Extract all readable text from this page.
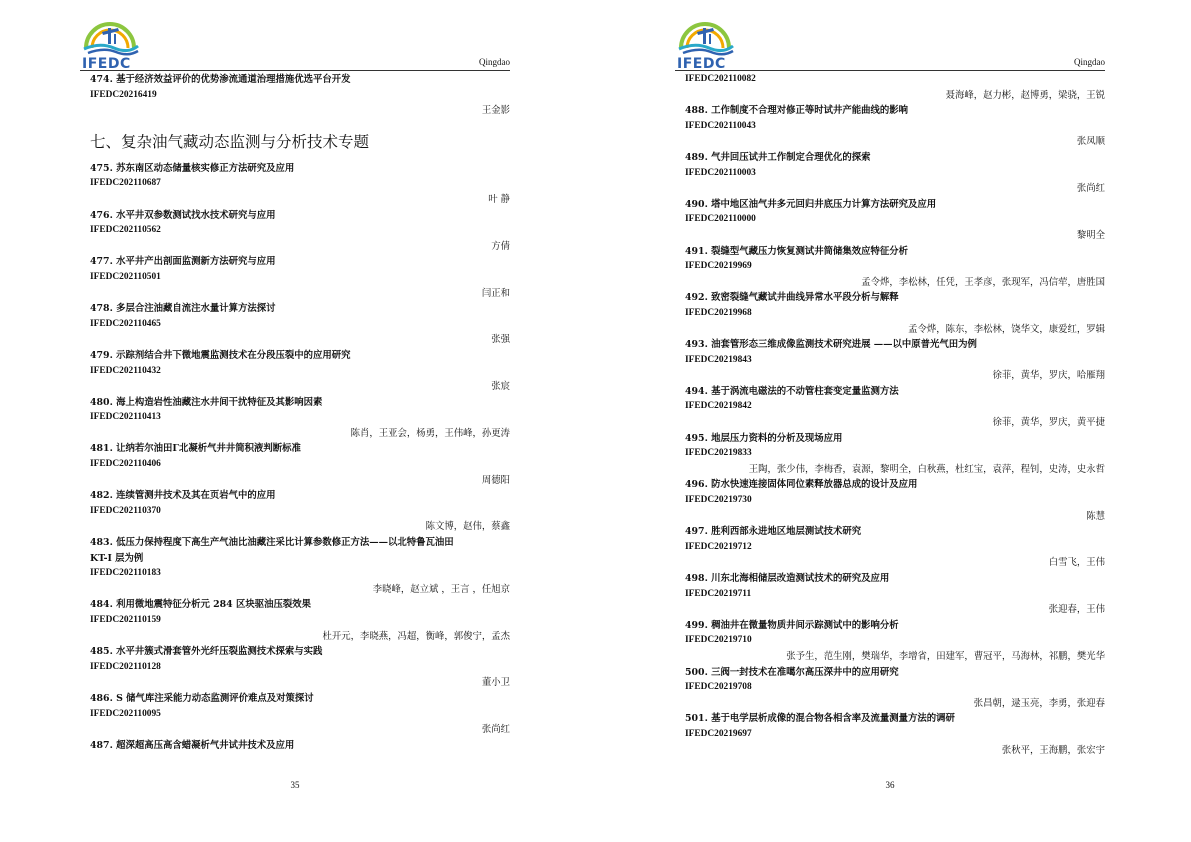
IFEDC	Qingdao
474. 基于经济效益评价的优势渗流通道治理措施优选平台开发
IFEDC20216419
王金影
七、复杂油气藏动态监测与分析技术专题
475. 苏东南区动态储量核实修正方法研究及应用
IFEDC202110687
叶 静
476. 水平井双参数测试找水技术研究与应用
IFEDC202110562
方倩
477. 水平井产出剖面监测新方法研究与应用
IFEDC202110501
闫正和
478. 多层合注油藏自流注水量计算方法探讨
IFEDC202110465
张强
479. 示踪剂结合井下微地震监测技术在分段压裂中的应用研究
IFEDC202110432
张宸
480. 海上构造岩性油藏注水井间干扰特征及其影响因素
IFEDC202110413
陈肖，王亚会，杨勇，王伟峰，孙更涛
481. 让纳若尔油田Γ北凝析气井井筒积液判断标准
IFEDC202110406
周德阳
482. 连续管测井技术及其在页岩气中的应用
IFEDC202110370
陈文博，赵伟，蔡鑫
483. 低压力保持程度下高生产气油比油藏注采比计算参数修正方法——以北特鲁瓦油田
KT-I 层为例
IFEDC202110183
李晓峰，赵立斌 ，王言 ，任旭京
484. 利用微地震特征分析元 284 区块驱油压裂效果
IFEDC202110159
杜开元，李晓燕，冯超，衡峰，郭俊宁，孟杰
485. 水平井簇式滑套管外光纤压裂监测技术探索与实践
IFEDC202110128
董小卫
486. S 储气库注采能力动态监测评价难点及对策探讨
IFEDC202110095
张尚红
487. 超深超高压高含蜡凝析气井试井技术及应用
35
IFEDC	Qingdao
IFEDC202110082
聂海峰，赵力彬，赵博勇，梁骁，王锐
488. 工作制度不合理对修正等时试井产能曲线的影响
IFEDC202110043
张凤顺
489. 气井回压试井工作制定合理优化的探索
IFEDC202110003
张尚红
490. 塔中地区油气井多元回归井底压力计算方法研究及应用
IFEDC202110000
黎明全
491. 裂缝型气藏压力恢复测试井筒储集效应特征分析
IFEDC20219969
孟令烨，李松林，任凭，王孝彦，张现军，冯信荦，唐胜国
492. 致密裂缝气藏试井曲线异常水平段分析与解释
IFEDC20219968
孟令烨，陈东，李松林，饶华文，康爱红，罗辑
493. 油套管形态三维成像监测技术研究进展 ——以中原普光气田为例
IFEDC20219843
徐菲，黄华，罗庆，哈雁翔
494. 基于涡流电磁法的不动管柱套变定量监测方法
IFEDC20219842
徐菲，黄华，罗庆，黄平捷
495. 地层压力资料的分析及现场应用
IFEDC20219833
王陶，张少伟，李梅香，袁源，黎明全，白秋燕，杜红宝，袁萍，程钊，史涛，史永哲
496. 防水快速连接固体同位素释放器总成的设计及应用
IFEDC20219730
陈慧
497. 胜利西部永进地区地层测试技术研究
IFEDC20219712
白雪飞，王伟
498. 川东北海相储层改造测试技术的研究及应用
IFEDC20219711
张迎春，王伟
499. 稠油井在微量物质井间示踪测试中的影响分析
IFEDC20219710
张予生，范生刚，樊瑞华，李增省，田建军，曹冠平，马海林，祁鹏，樊光华
500. 三阀一封技术在准噶尔高压深井中的应用研究
IFEDC20219708
张昌朝，逯玉亮，李勇，张迎春
501. 基于电学层析成像的混合物各相含率及流量测量方法的调研
IFEDC20219697
张秋平，王海鹏，张宏宇
36
